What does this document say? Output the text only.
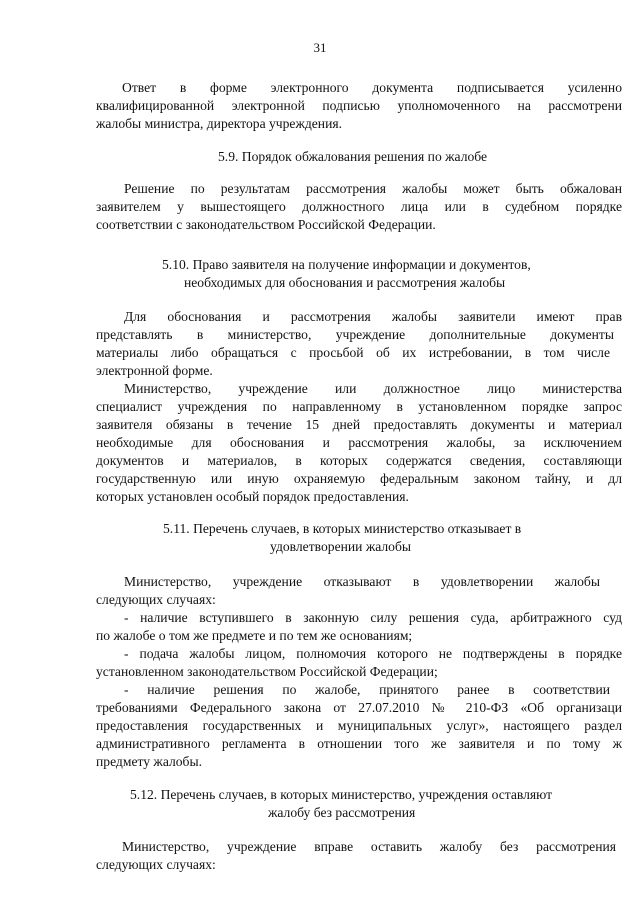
31
Ответ в форме электронного документа подписывается усиленно
квалифицированной электронной подписью уполномоченного на рассмотрени
жалобы министра, директора учреждения.
5.9. Порядок обжалования решения по жалобе
Решение по результатам рассмотрения жалобы может быть обжалован
заявителем у вышестоящего должностного лица или в судебном порядке
соответствии с законодательством Российской Федерации.
5.10. Право заявителя на получение информации и документов,
необходимых для обоснования и рассмотрения жалобы
Для обоснования и рассмотрения жалобы заявители имеют прав
представлять в министерство, учреждение дополнительные документы
материалы либо обращаться с просьбой об их истребовании, в том числе
электронной форме.
Министерство, учреждение или должностное лицо министерства
специалист учреждения по направленному в установленном порядке запрос
заявителя обязаны в течение 15 дней предоставлять документы и материал
необходимые для обоснования и рассмотрения жалобы, за исключением
документов и материалов, в которых содержатся сведения, составляющи
государственную или иную охраняемую федеральным законом тайну, и дл
которых установлен особый порядок предоставления.
5.11. Перечень случаев, в которых министерство отказывает в
удовлетворении жалобы
Министерство, учреждение отказывают в удовлетворении жалобы
следующих случаях:
- наличие вступившего в законную силу решения суда, арбитражного суд
по жалобе о том же предмете и по тем же основаниям;
- подача жалобы лицом, полномочия которого не подтверждены в порядке
установленном законодательством Российской Федерации;
- наличие решения по жалобе, принятого ранее в соответствии
требованиями Федерального закона от 27.07.2010 № 210-ФЗ «Об организаци
предоставления государственных и муниципальных услуг», настоящего раздел
административного регламента в отношении того же заявителя и по тому ж
предмету жалобы.
5.12. Перечень случаев, в которых министерство, учреждения оставляют
жалобу без рассмотрения
Министерство, учреждение вправе оставить жалобу без рассмотрения
следующих случаях:
